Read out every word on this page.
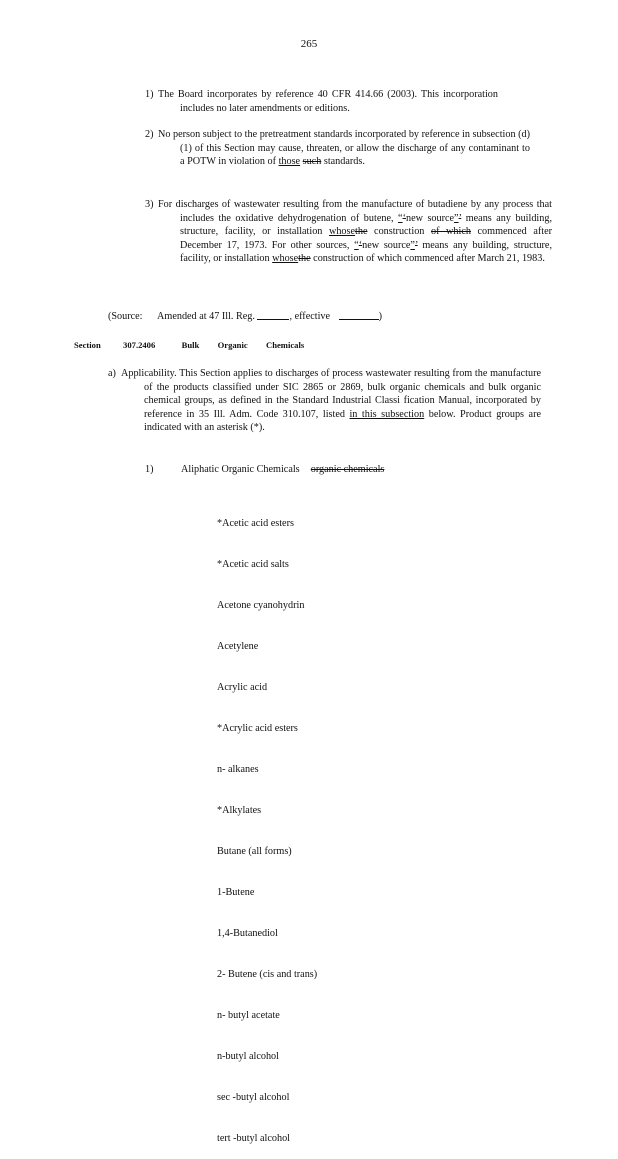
265
1) The Board incorporates by reference 40 CFR 414.66 (2003). This incorporation includes no later amendments or editions.
2) No person subject to the pretreatment standards incorporated by reference in subsection (d)(1) of this Section may cause, threaten, or allow the discharge of any contaminant to a POTW in violation of those such standards.
3) For discharges of wastewater resulting from the manufacture of butadiene by any process that includes the oxidative dehydrogenation of butene, “‘new source”’ means any building, structure, facility, or installation whosethe construction of which commenced after December 17, 1973. For other sources, “‘new source”’ means any building, structure, facility, or installation whosethe construction of which commenced after March 21, 1983.
(Source: Amended at 47 Ill. Reg.	, effective	)
Section	307.2406	Bulk Organic Chemicals
a) Applicability. This Section applies to discharges of process wastewater resulting from the manufacture of the products classified under SIC 2865 or 2869, bulk organic chemicals and bulk organic chemical groups, as defined in the Standard Industrial Classi fication Manual, incorporated by reference in 35 Ill. Adm. Code 310.107, listed in this subsection below. Product groups are indicated with an asterisk (*).
1)	Aliphatic Organic Chemicals organic chemicals

*Acetic acid esters

*Acetic acid salts

Acetone cyanohydrin

Acetylene

Acrylic acid

*Acrylic acid esters

n- alkanes

*Alkylates

Butane (all forms)

1-Butene

1,4-Butanediol

2- Butene (cis and trans)

n- butyl acetate

n-butyl alcohol

sec -butyl alcohol

tert -butyl alcohol
